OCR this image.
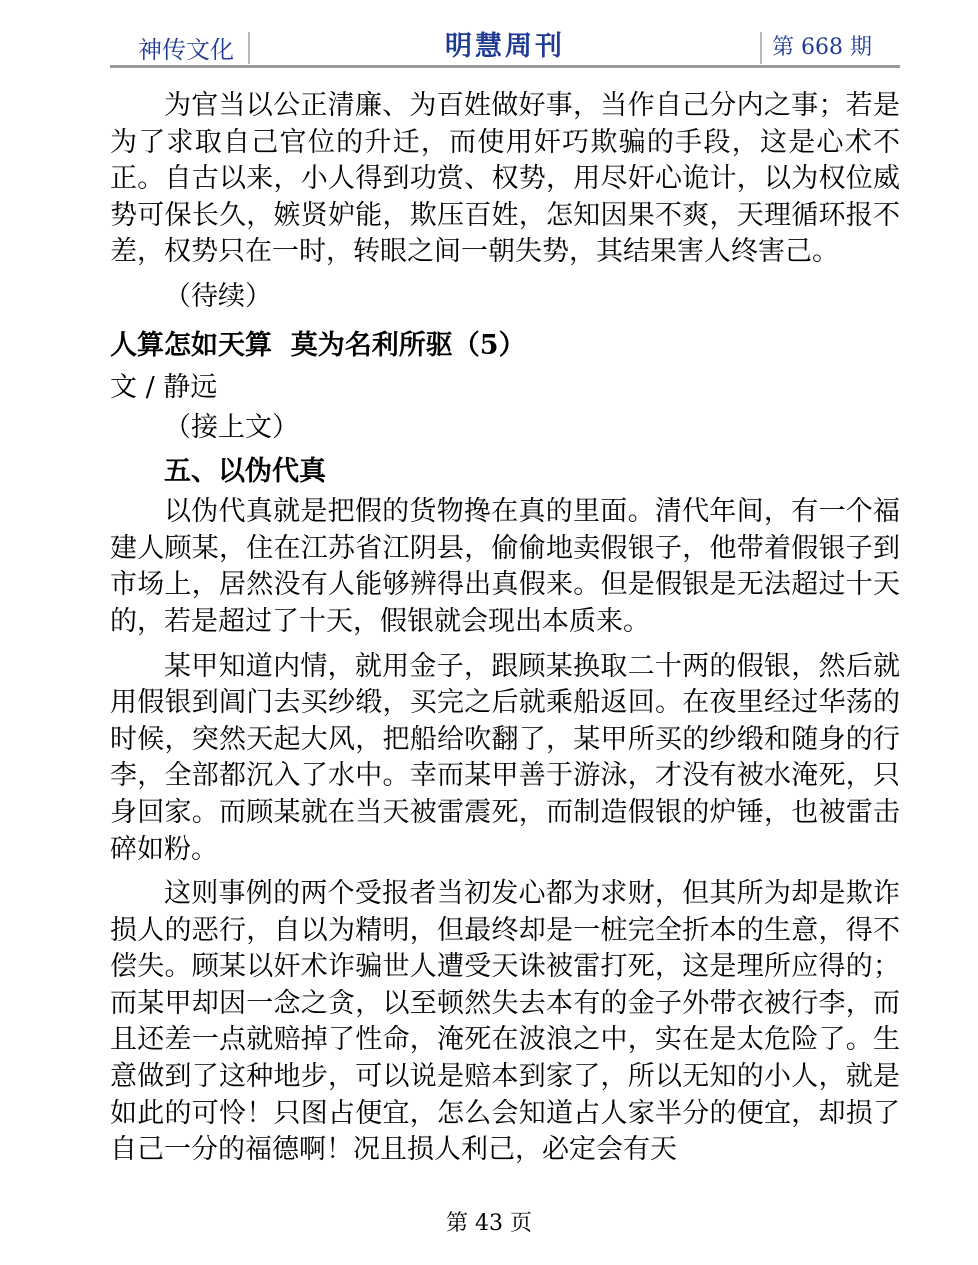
神传文化	明慧周刊	第 668 期

为官当以公正清廉、为百姓做好事，当作自己分内之事；若是为了求取自己官位的升迁，而使用奸巧欺骗的手段，这是心术不正。自古以来，小人得到功赏、权势，用尽奸心诡计，以为权位威势可保长久，嫉贤妒能，欺压百姓，怎知因果不爽，天理循环报不差，权势只在一时，转眼之间一朝失势，其结果害人终害己。

（待续）

人算怎如天算  莫为名利所驱（5）
文 / 静远

（接上文）

五、以伪代真

以伪代真就是把假的货物搀在真的里面。清代年间，有一个福建人顾某，住在江苏省江阴县，偷偷地卖假银子，他带着假银子到市场上，居然没有人能够辨得出真假来。但是假银是无法超过十天的，若是超过了十天，假银就会现出本质来。

某甲知道内情，就用金子，跟顾某换取二十两的假银，然后就用假银到阊门去买纱缎，买完之后就乘船返回。在夜里经过华荡的时候，突然天起大风，把船给吹翻了，某甲所买的纱缎和随身的行李，全部都沉入了水中。幸而某甲善于游泳，才没有被水淹死，只身回家。而顾某就在当天被雷震死，而制造假银的炉锤，也被雷击碎如粉。

这则事例的两个受报者当初发心都为求财，但其所为却是欺诈损人的恶行，自以为精明，但最终却是一桩完全折本的生意，得不偿失。顾某以奸术诈骗世人遭受天诛被雷打死，这是理所应得的；而某甲却因一念之贪，以至顿然失去本有的金子外带衣被行李，而且还差一点就赔掉了性命，淹死在波浪之中，实在是太危险了。生意做到了这种地步，可以说是赔本到家了，所以无知的小人，就是如此的可怜！只图占便宜，怎么会知道占人家半分的便宜，却损了自己一分的福德啊！况且损人利己，必定会有天

第 43 页
